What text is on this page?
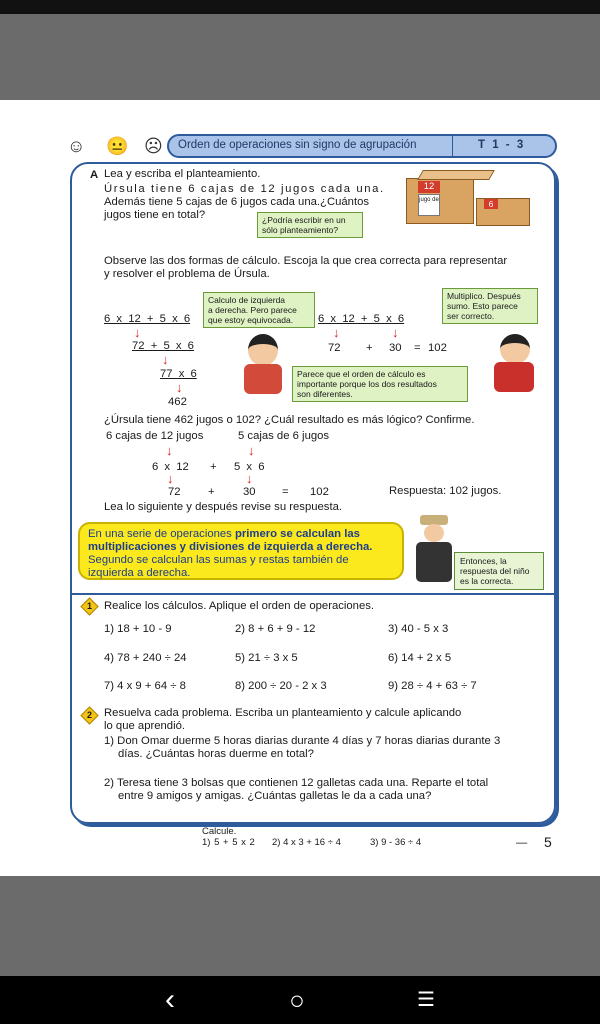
☺ 😐 ☹ Orden de operaciones sin signo de agrupación	T 1 - 3
A Lea y escriba el planteamiento.
Úrsula tiene 6 cajas de 12 jugos cada una.
Además tiene 5 cajas de 6 jugos cada una.¿Cuántos
jugos tiene en total?
12
jugo de	6
¿Podría escribir en un
sólo planteamiento?
Observe las dos formas de cálculo. Escoja la que crea correcta para representar
y resolver el problema de Úrsula.
6 x 12 + 5 x 6
↓
72 + 5 x 6
↓
77 x 6
↓
462
Calculo de izquierda
a derecha. Pero parece
que estoy equivocada.	6 x 12 + 5 x 6
↓	↓
72 + 30 = 102
Multiplico. Después
sumo. Esto parece
ser correcto.
Parece que el orden de cálculo es
importante porque los dos resultados
son diferentes.
¿Úrsula tiene 462 jugos o 102? ¿Cuál resultado es más lógico? Confirme.
6 cajas de 12 jugos	5 cajas de 6 jugos
↓	↓
6 x 12 + 5 x 6
↓	↓
72 +	30 = 102	Respuesta: 102 jugos.
Lea lo siguiente y después revise su respuesta.
En una serie de operaciones primero se calculan las
multiplicaciones y divisiones de izquierda a derecha.
Segundo se calculan las sumas y restas también de
izquierda a derecha.
Entonces, la
respuesta del niño
es la correcta.
1	Realice los cálculos. Aplique el orden de operaciones.
1) 18 + 10 - 9	2) 8 + 6 + 9 - 12	3) 40 - 5 x 3
4) 78 + 240 ÷ 24	5) 21 ÷ 3 x 5	6) 14 + 2 x 5
7) 4 x 9 + 64 ÷ 8	8) 200 ÷ 20 - 2 x 3	9) 28 ÷ 4 + 63 ÷ 7
2	Resuelva cada problema. Escriba un planteamiento y calcule aplicando
lo que aprendió.
1) Don Omar duerme 5 horas diarias durante 4 días y 7 horas diarias durante 3
días. ¿Cuántas horas duerme en total?
2) Teresa tiene 3 bolsas que contienen 12 galletas cada una. Reparte el total
entre 9 amigos y amigas. ¿Cuántas galletas le da a cada una?
Calcule.
1) 5 + 5 x 2 2) 4 x 3 + 16 ÷ 4	3) 9 - 36 ÷ 4	— 5
‹	○	☰
